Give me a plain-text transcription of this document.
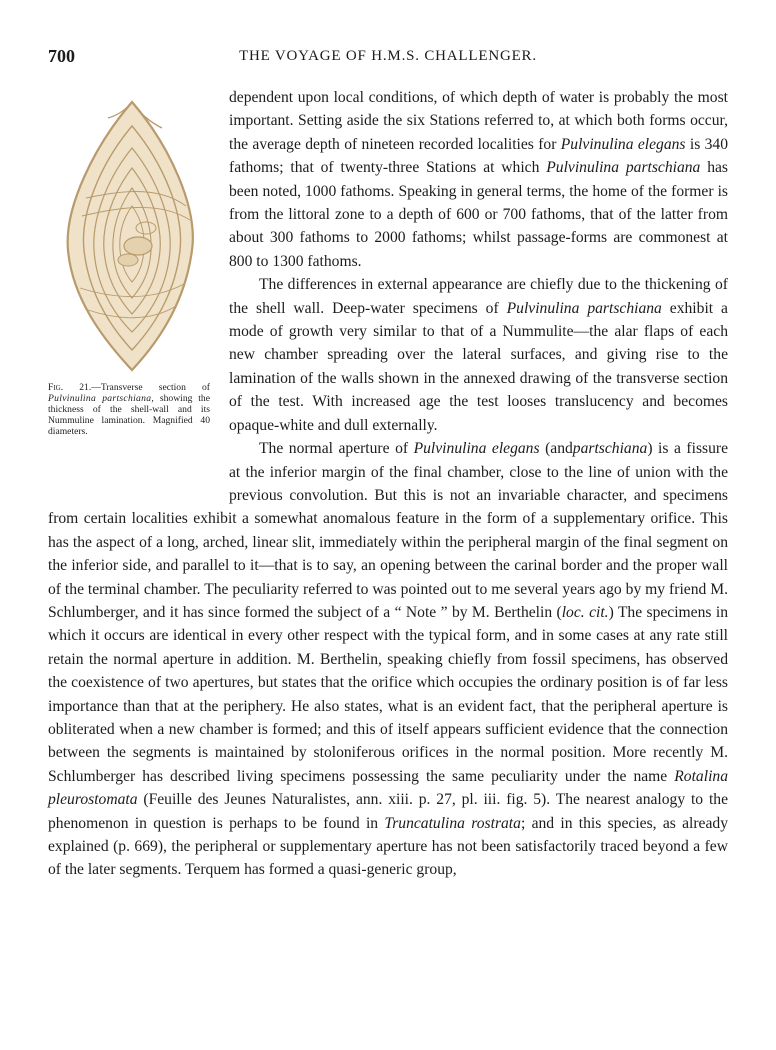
700	THE VOYAGE OF H.M.S. CHALLENGER.
Fig. 21.—Transverse section of Pulvinulina partschiana, showing the thickness of the shell-wall and its Nummuline lamination. Magnified 40 diameters.

dependent upon local conditions, of which depth of water is probably the most important. Setting aside the six Stations referred to, at which both forms occur, the average depth of nineteen recorded localities for Pulvinulina elegans is 340 fathoms; that of twenty-three Stations at which Pulvinulina partschiana has been noted, 1000 fathoms. Speaking in general terms, the home of the former is from the littoral zone to a depth of 600 or 700 fathoms, that of the latter from about 300 fathoms to 2000 fathoms; whilst passage-forms are commonest at 800 to 1300 fathoms.

The differences in external appearance are chiefly due to the thickening of the shell wall. Deep-water specimens of Pulvinulina partschiana exhibit a mode of growth very similar to that of a Nummulite—the alar flaps of each new chamber spreading over the lateral surfaces, and giving rise to the lamination of the walls shown in the annexed drawing of the transverse section of the test. With increased age the test looses translucency and becomes opaque-white and dull externally.

The normal aperture of Pulvinulina elegans (andpartschiana) is a fissure at the inferior margin of the final chamber, close to the line of union with the previous convolution. But this is not an invariable character, and specimens from certain localities exhibit a somewhat anomalous feature in the form of a supplementary orifice. This has the aspect of a long, arched, linear slit, immediately within the peripheral margin of the final segment on the inferior side, and parallel to it—that is to say, an opening between the carinal border and the proper wall of the terminal chamber. The peculiarity referred to was pointed out to me several years ago by my friend M. Schlumberger, and it has since formed the subject of a “ Note ” by M. Berthelin (loc. cit.) The specimens in which it occurs are identical in every other respect with the typical form, and in some cases at any rate still retain the normal aperture in addition. M. Berthelin, speaking chiefly from fossil specimens, has observed the coexistence of two apertures, but states that the orifice which occupies the ordinary position is of far less importance than that at the periphery. He also states, what is an evident fact, that the peripheral aperture is obliterated when a new chamber is formed; and this of itself appears sufficient evidence that the connection between the segments is maintained by stoloniferous orifices in the normal position. More recently M. Schlumberger has described living specimens possessing the same peculiarity under the name Rotalina pleurostomata (Feuille des Jeunes Naturalistes, ann. xiii. p. 27, pl. iii. fig. 5). The nearest analogy to the phenomenon in question is perhaps to be found in Truncatulina rostrata; and in this species, as already explained (p. 669), the peripheral or supplementary aperture has not been satisfactorily traced beyond a few of the later segments. Terquem has formed a quasi-generic group,
